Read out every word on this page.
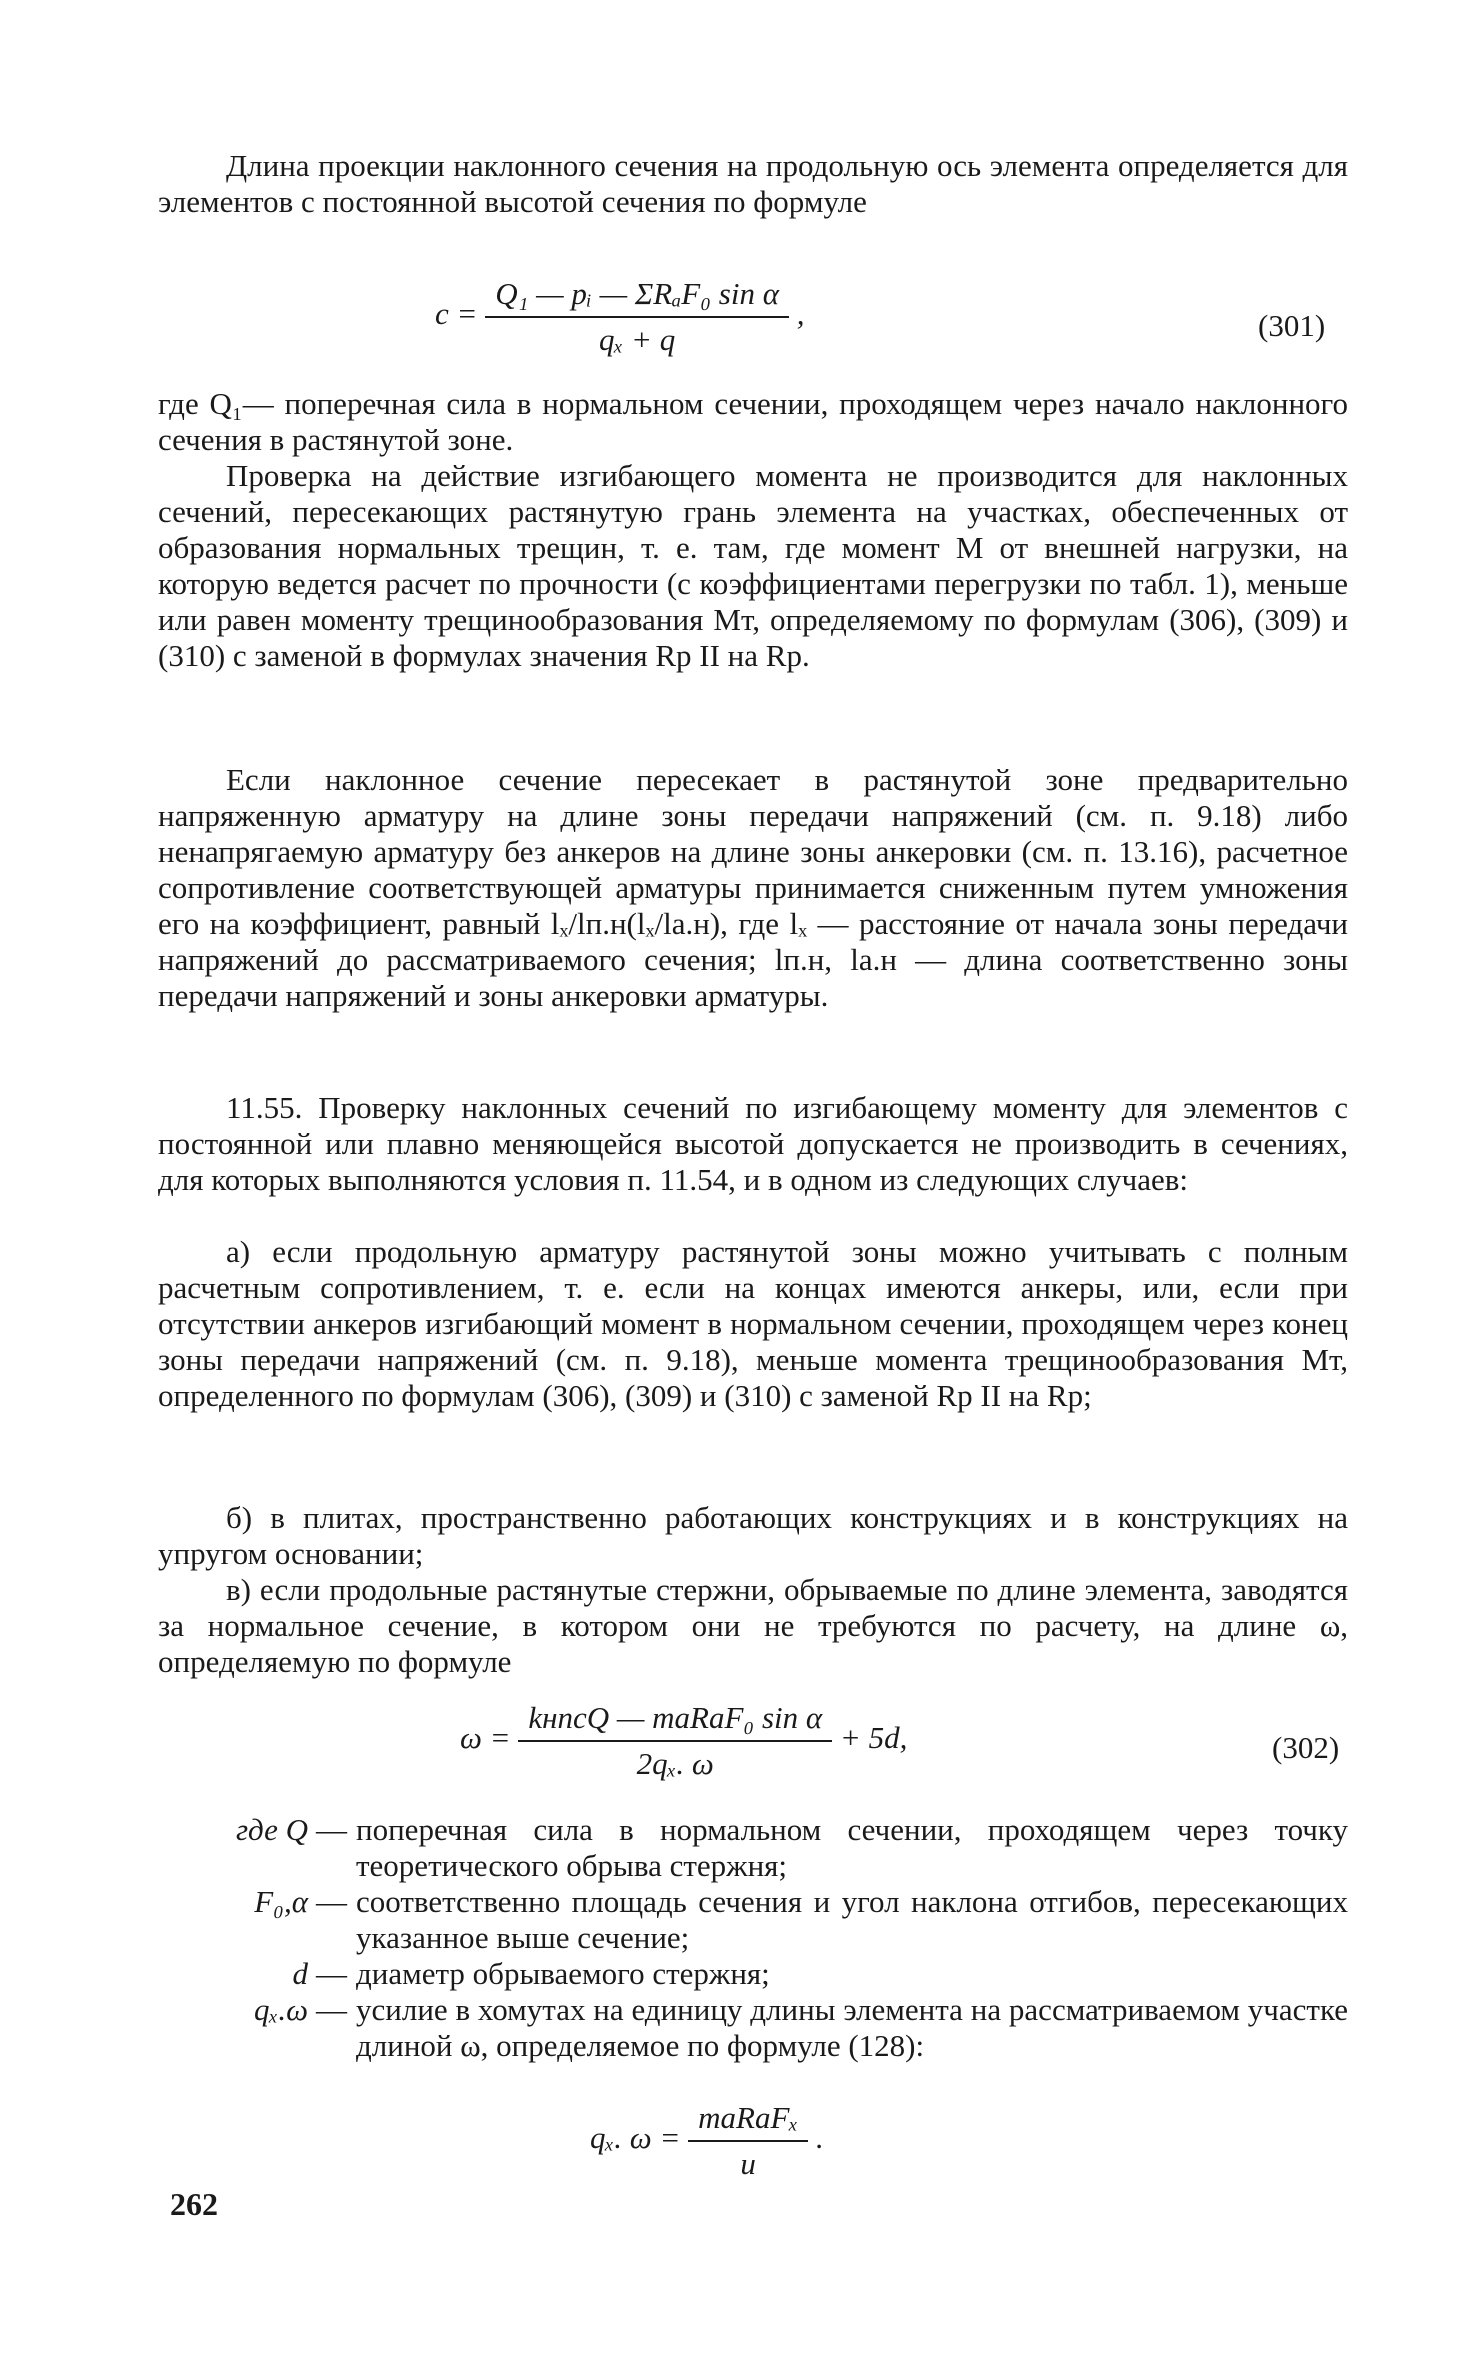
Длина проекции наклонного сечения на продольную ось элемента определяется для элементов с постоянной высотой сечения по формуле

$c = \frac{\text{Q₁ — pᵢ — ΣRₐF₀ sin α}}{\text{qₓ + q}}$ ,	(301)

где Q₁— поперечная сила в нормальном сечении, проходящем через начало наклонного сечения в растянутой зоне.

Проверка на действие изгибающего момента не производится для наклонных сечений, пересекающих растянутую грань элемента на участках, обеспеченных от образования нормальных трещин, т. е. там, где момент M от внешней нагрузки, на которую ведется расчет по прочности (с коэффициентами перегрузки по табл. 1), меньше или равен моменту трещинообразования Mт, определяемому по формулам (306), (309) и (310) с заменой в формулах значения Rр II на Rр.

Если наклонное сечение пересекает в растянутой зоне предварительно напряженную арматуру на длине зоны передачи напряжений (см. п. 9.18) либо ненапрягаемую арматуру без анкеров на длине зоны анкеровки (см. п. 13.16), расчетное сопротивление соответствующей арматуры принимается сниженным путем умножения его на коэффициент, равный lₓ/lп.н(lₓ/lа.н), где lₓ — расстояние от начала зоны передачи напряжений до рассматриваемого сечения; lп.н, lа.н — длина соответственно зоны передачи напряжений и зоны анкеровки арматуры.

11.55. Проверку наклонных сечений по изгибающему моменту для элементов с постоянной или плавно меняющейся высотой допускается не производить в сечениях, для которых выполняются условия п. 11.54, и в одном из следующих случаев:

а) если продольную арматуру растянутой зоны можно учитывать с полным расчетным сопротивлением, т. е. если на концах имеются анкеры, или, если при отсутствии анкеров изгибающий момент в нормальном сечении, проходящем через конец зоны передачи напряжений (см. п. 9.18), меньше момента трещинообразования Mт, определенного по формулам (306), (309) и (310) с заменой Rр II на Rр;

б) в плитах, пространственно работающих конструкциях и в конструкциях на упругом основании;

в) если продольные растянутые стержни, обрываемые по длине элемента, заводятся за нормальное сечение, в котором они не требуются по расчету, на длине ω, определяемую по формуле

$\omega = \frac{\text{kнncQ — mаRаF₀ sin α}}{\text{2qₓ. ω}} + 5d$,	(302)
где Q — поперечная сила в нормальном сечении, проходящем через точку теоретического обрыва стержня;
F₀,α — соответственно площадь сечения и угол наклона отгибов, пересекающих указанное выше сечение;
d — диаметр обрываемого стержня;
qₓ.ω — усилие в хомутах на единицу длины элемента на рассматриваемом участке длиной ω, определяемое по формуле (128):
qₓ. $\omega = \frac{\text{mаRаFₓ}}{u}$ .
262
